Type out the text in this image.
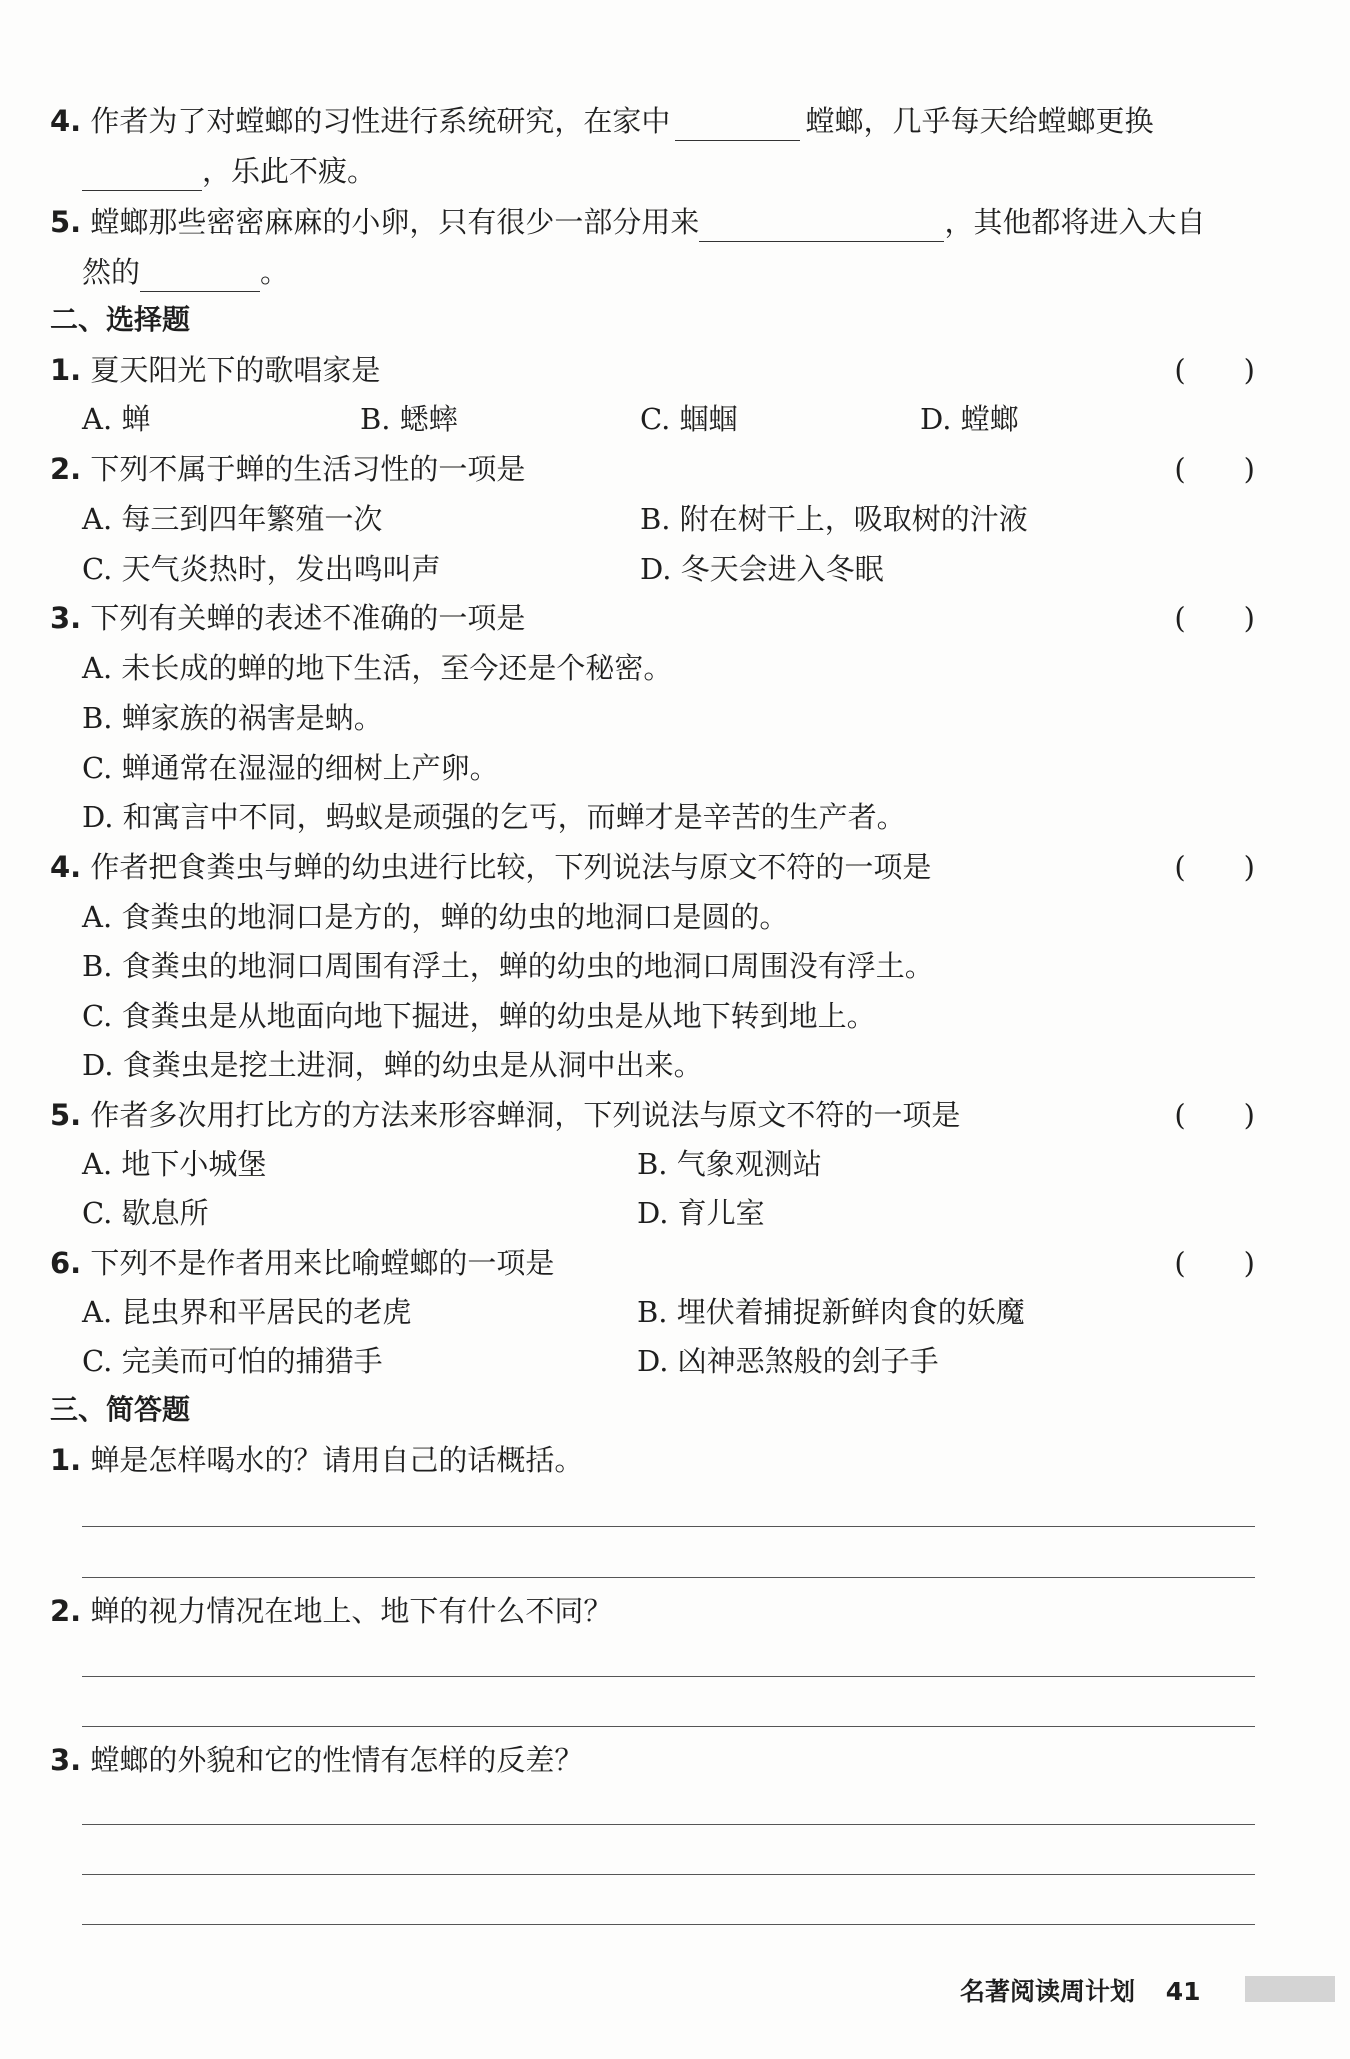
4. 作者为了对螳螂的习性进行系统研究，在家中	螳螂，几乎每天给螳螂更换
，乐此不疲。
5. 螳螂那些密密麻麻的小卵，只有很少一部分用来	，其他都将进入大自
然的	。
二、选择题
1. 夏天阳光下的歌唱家是	(　　)
A. 蝉	B. 蟋蟀	C. 蝈蝈	D. 螳螂
2. 下列不属于蝉的生活习性的一项是	(　　)
A. 每三到四年繁殖一次	B. 附在树干上，吸取树的汁液
C. 天气炎热时，发出鸣叫声	D. 冬天会进入冬眠
3. 下列有关蝉的表述不准确的一项是	(　　)
A. 未长成的蝉的地下生活，至今还是个秘密。
B. 蝉家族的祸害是蚋。
C. 蝉通常在湿湿的细树上产卵。
D. 和寓言中不同，蚂蚁是顽强的乞丐，而蝉才是辛苦的生产者。
4. 作者把食粪虫与蝉的幼虫进行比较，下列说法与原文不符的一项是	(　　)
A. 食粪虫的地洞口是方的，蝉的幼虫的地洞口是圆的。
B. 食粪虫的地洞口周围有浮土，蝉的幼虫的地洞口周围没有浮土。
C. 食粪虫是从地面向地下掘进，蝉的幼虫是从地下转到地上。
D. 食粪虫是挖土进洞，蝉的幼虫是从洞中出来。
5. 作者多次用打比方的方法来形容蝉洞，下列说法与原文不符的一项是	(　　)
A. 地下小城堡	B. 气象观测站
C. 歇息所	D. 育儿室
6. 下列不是作者用来比喻螳螂的一项是	(　　)
A. 昆虫界和平居民的老虎	B. 埋伏着捕捉新鲜肉食的妖魔
C. 完美而可怕的捕猎手	D. 凶神恶煞般的刽子手
三、简答题
1. 蝉是怎样喝水的？请用自己的话概括。
2. 蝉的视力情况在地上、地下有什么不同？
3. 螳螂的外貌和它的性情有怎样的反差？
名著阅读周计划 41
